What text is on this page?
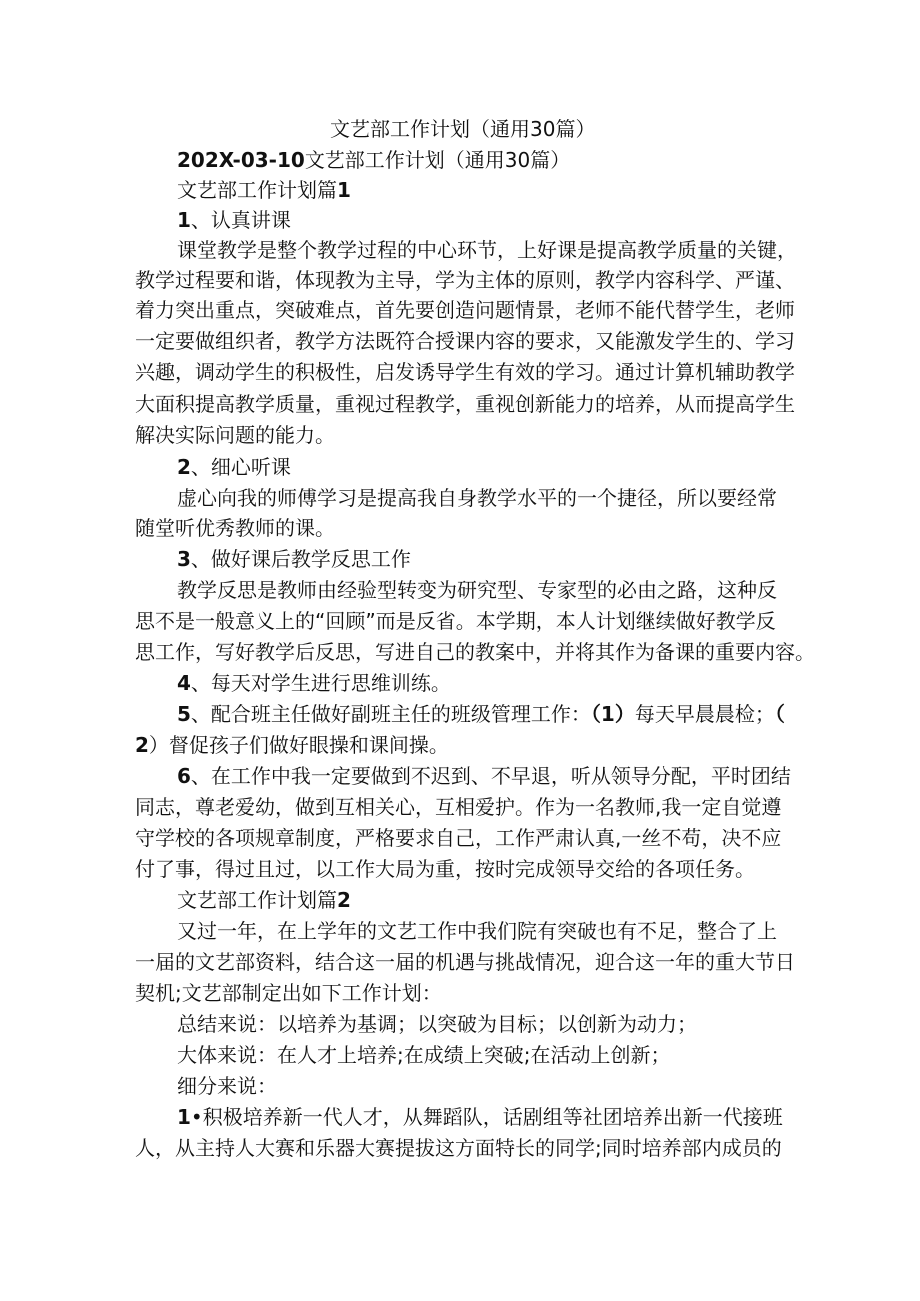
文艺部工作计划（通用30篇）
202X-03-10文艺部工作计划（通用30篇）
文艺部工作计划篇1
1、认真讲课
课堂教学是整个教学过程的中心环节，上好课是提高教学质量的关键，
教学过程要和谐，体现教为主导，学为主体的原则，教学内容科学、严谨、
着力突出重点，突破难点，首先要创造问题情景，老师不能代替学生，老师
一定要做组织者，教学方法既符合授课内容的要求，又能激发学生的、学习
兴趣，调动学生的积极性，启发诱导学生有效的学习。通过计算机辅助教学
大面积提高教学质量，重视过程教学，重视创新能力的培养，从而提高学生
解决实际问题的能力。
2、细心听课
虚心向我的师傅学习是提高我自身教学水平的一个捷径，所以要经常
随堂听优秀教师的课。
3、做好课后教学反思工作
教学反思是教师由经验型转变为研究型、专家型的必由之路，这种反
思不是一般意义上的“回顾”而是反省。本学期，本人计划继续做好教学反
思工作，写好教学后反思，写进自己的教案中，并将其作为备课的重要内容。
4、每天对学生进行思维训练。
5、配合班主任做好副班主任的班级管理工作：（1）每天早晨晨检；（
2）督促孩子们做好眼操和课间操。
6、在工作中我一定要做到不迟到、不早退，听从领导分配，平时团结
同志，尊老爱幼，做到互相关心，互相爱护。作为一名教师,我一定自觉遵
守学校的各项规章制度，严格要求自己，工作严肃认真,一丝不苟，决不应
付了事，得过且过，以工作大局为重，按时完成领导交给的各项任务。
文艺部工作计划篇2
又过一年，在上学年的文艺工作中我们院有突破也有不足，整合了上
一届的文艺部资料，结合这一届的机遇与挑战情况，迎合这一年的重大节日
契机;文艺部制定出如下工作计划：
总结来说：以培养为基调；以突破为目标；以创新为动力；
大体来说：在人才上培养;在成绩上突破;在活动上创新；
细分来说：
1•积极培养新一代人才，从舞蹈队，话剧组等社团培养出新一代接班
人，从主持人大赛和乐器大赛提拔这方面特长的同学;同时培养部内成员的
